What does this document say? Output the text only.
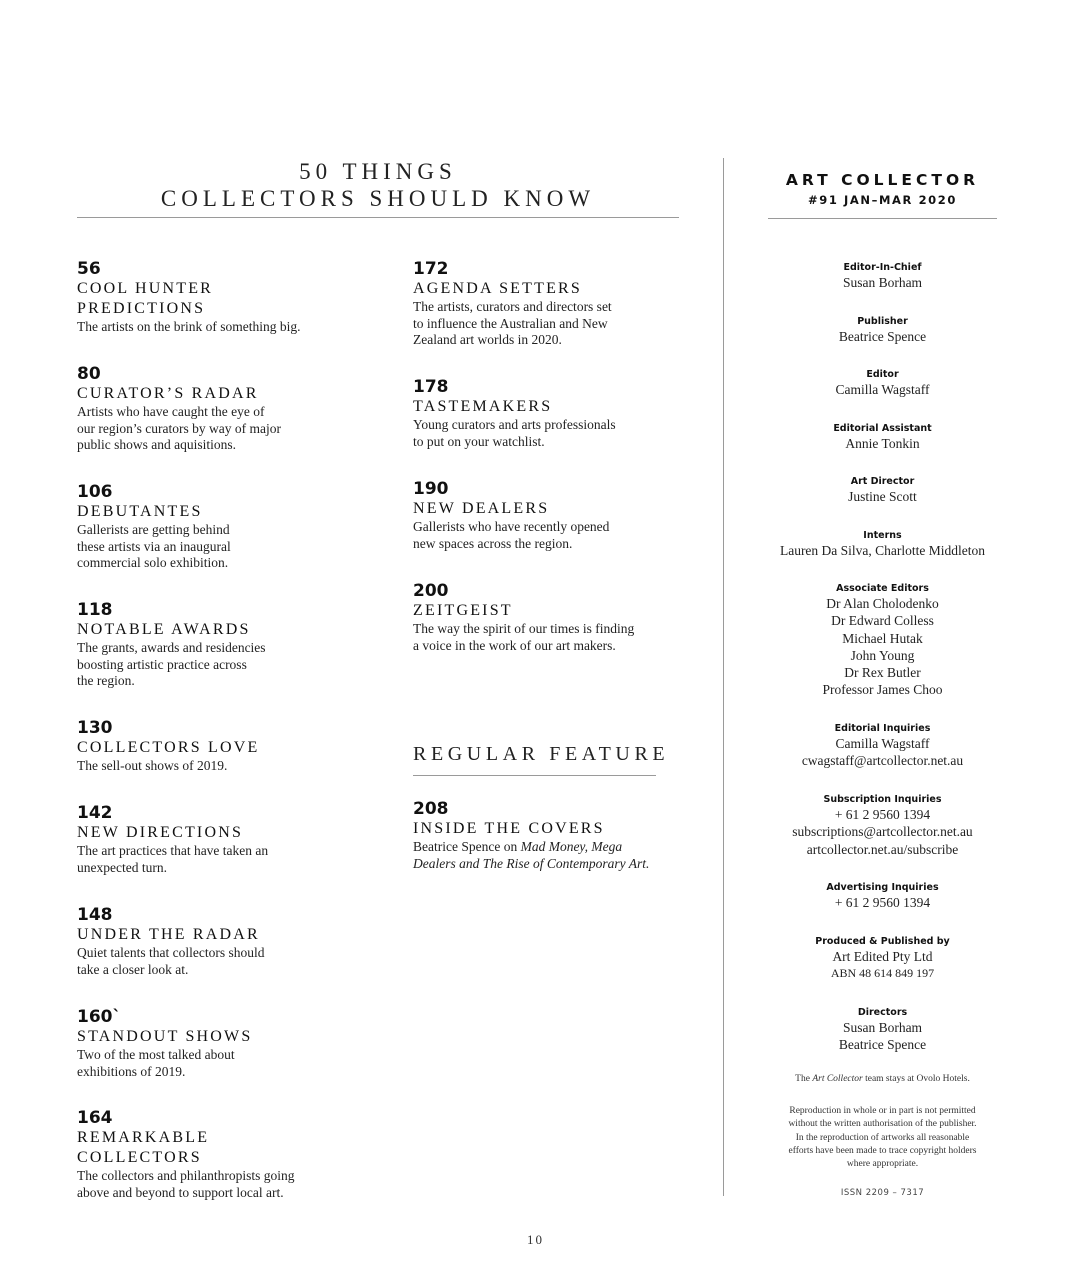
50 THINGS
COLLECTORS SHOULD KNOW
56
COOL HUNTER
PREDICTIONS
The artists on the brink of something big.
80
CURATOR’S RADAR
Artists who have caught the eye of
our region’s curators by way of major
public shows and aquisitions.
106
DEBUTANTES
Gallerists are getting behind
these artists via an inaugural
commercial solo exhibition.
118
NOTABLE AWARDS
The grants, awards and residencies
boosting artistic practice across
the region.
130
COLLECTORS LOVE
The sell-out shows of 2019.
142
NEW DIRECTIONS
The art practices that have taken an
unexpected turn.
148
UNDER THE RADAR
Quiet talents that collectors should
take a closer look at.
160`
STANDOUT SHOWS
Two of the most talked about
exhibitions of 2019.
164
REMARKABLE
COLLECTORS
The collectors and philanthropists going
above and beyond to support local art.
172
AGENDA SETTERS
The artists, curators and directors set
to influence the Australian and New
Zealand art worlds in 2020.
178
TASTEMAKERS
Young curators and arts professionals
to put on your watchlist.
190
NEW DEALERS
Gallerists who have recently opened
new spaces across the region.
200
ZEITGEIST
The way the spirit of our times is finding
a voice in the work of our art makers.
REGULAR FEATURE
208
INSIDE THE COVERS
Beatrice Spence on Mad Money, Mega
Dealers and The Rise of Contemporary Art.
ART COLLECTOR
#91 JAN–MAR 2020
Editor-In-Chief
Susan Borham
Publisher
Beatrice Spence
Editor
Camilla Wagstaff
Editorial Assistant
Annie Tonkin
Art Director
Justine Scott
Interns
Lauren Da Silva, Charlotte Middleton
Associate Editors
Dr Alan Cholodenko
Dr Edward Colless
Michael Hutak
John Young
Dr Rex Butler
Professor James Choo
Editorial Inquiries
Camilla Wagstaff
cwagstaff@artcollector.net.au
Subscription Inquiries
+ 61 2 9560 1394
subscriptions@artcollector.net.au
artcollector.net.au/subscribe
Advertising Inquiries
+ 61 2 9560 1394
Produced & Published by
Art Edited Pty Ltd
ABN 48 614 849 197
Directors
Susan Borham
Beatrice Spence
The Art Collector team stays at Ovolo Hotels.
Reproduction in whole or in part is not permitted
without the written authorisation of the publisher.
In the reproduction of artworks all reasonable
efforts have been made to trace copyright holders
where appropriate.
ISSN 2209 – 7317
10
